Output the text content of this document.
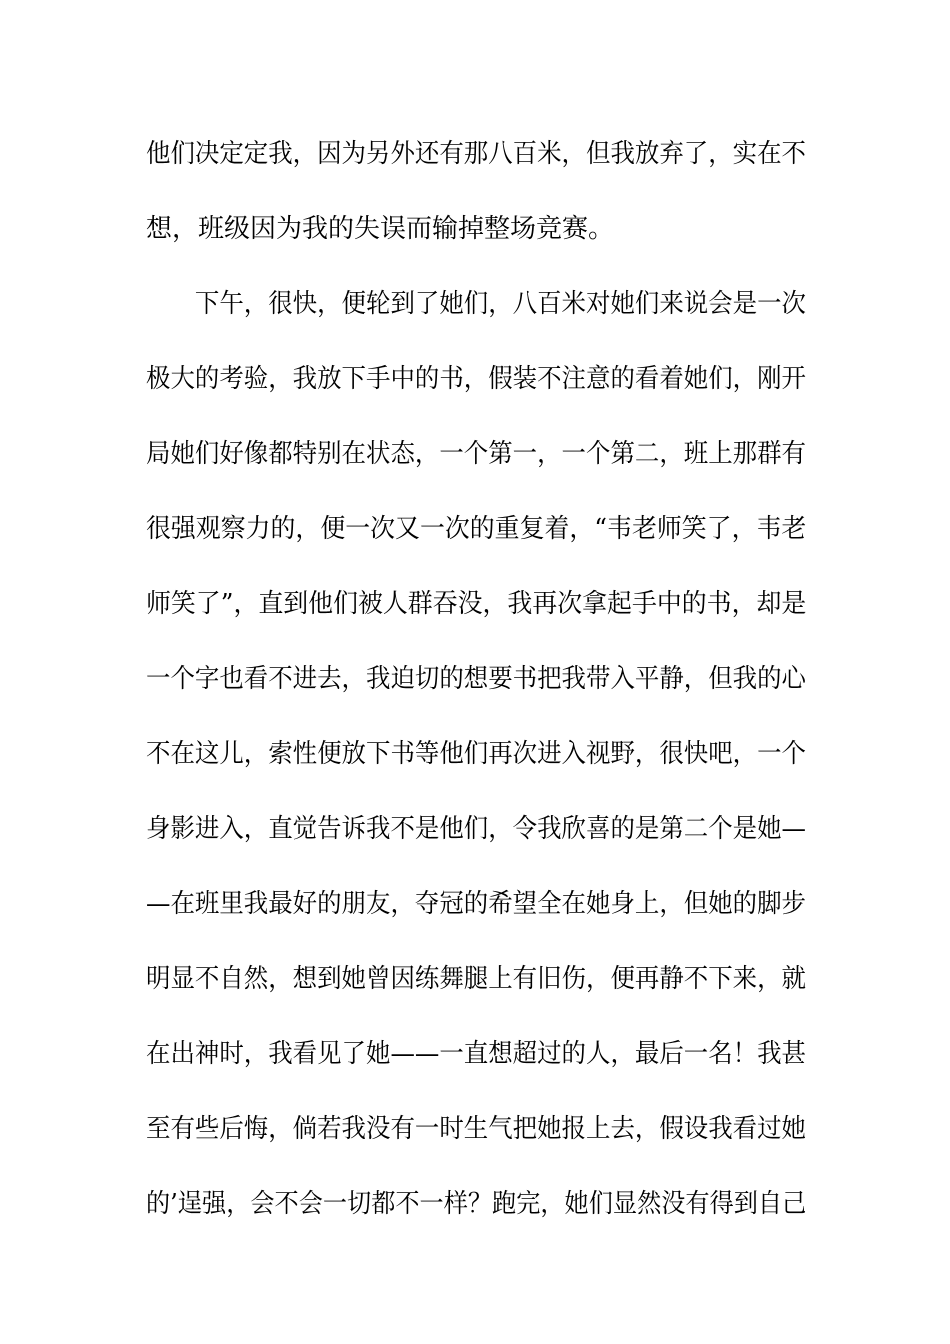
他们决定定我，因为另外还有那八百米，但我放弃了，实在不
想，班级因为我的失误而输掉整场竞赛。
　　下午，很快，便轮到了她们，八百米对她们来说会是一次
极大的考验，我放下手中的书，假装不注意的看着她们，刚开
局她们好像都特别在状态，一个第一，一个第二，班上那群有
很强观察力的，便一次又一次的重复着，“韦老师笑了，韦老
师笑了”，直到他们被人群吞没，我再次拿起手中的书，却是
一个字也看不进去，我迫切的想要书把我带入平静，但我的心
不在这儿，索性便放下书等他们再次进入视野，很快吧，一个
身影进入，直觉告诉我不是他们，令我欣喜的是第二个是她—
—在班里我最好的朋友，夺冠的希望全在她身上，但她的脚步
明显不自然，想到她曾因练舞腿上有旧伤，便再静不下来，就
在出神时，我看见了她——一直想超过的人，最后一名！我甚
至有些后悔，倘若我没有一时生气把她报上去，假设我看过她
的’逞强，会不会一切都不一样？跑完，她们显然没有得到自己
